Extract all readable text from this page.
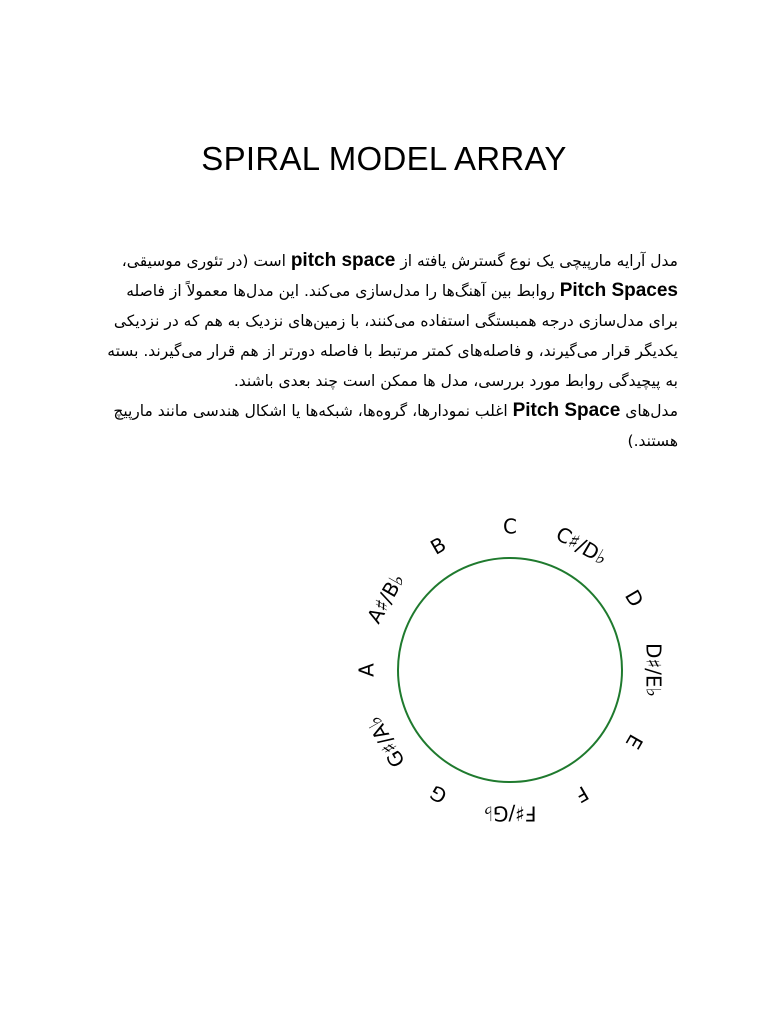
SPIRAL MODEL ARRAY

مدل آرایه مارپیچی یک نوع گسترش یافته از pitch space است (در تئوری موسیقی، Pitch Spaces روابط بین آهنگ‌ها را مدل‌سازی می‌کند. این مدل‌ها معمولاً از فاصله برای مدل‌سازی درجه همبستگی استفاده می‌کنند، با زمین‌های نزدیک به هم که در نزدیکی یکدیگر قرار می‌گیرند، و فاصله‌های کمتر مرتبط با فاصله دورتر از هم قرار می‌گیرند. بسته به پیچیدگی روابط مورد بررسی، مدل ها ممکن است چند بعدی باشند.

مدل‌های Pitch Space اغلب نمودارها، گروه‌ها، شبکه‌ها یا اشکال هندسی مانند مارپیچ هستند.)

C C♯/D♭
D
D♯/E♭
E
F
F♯/G♭
G
G♯/A♭
A
A♯/B♭
B
